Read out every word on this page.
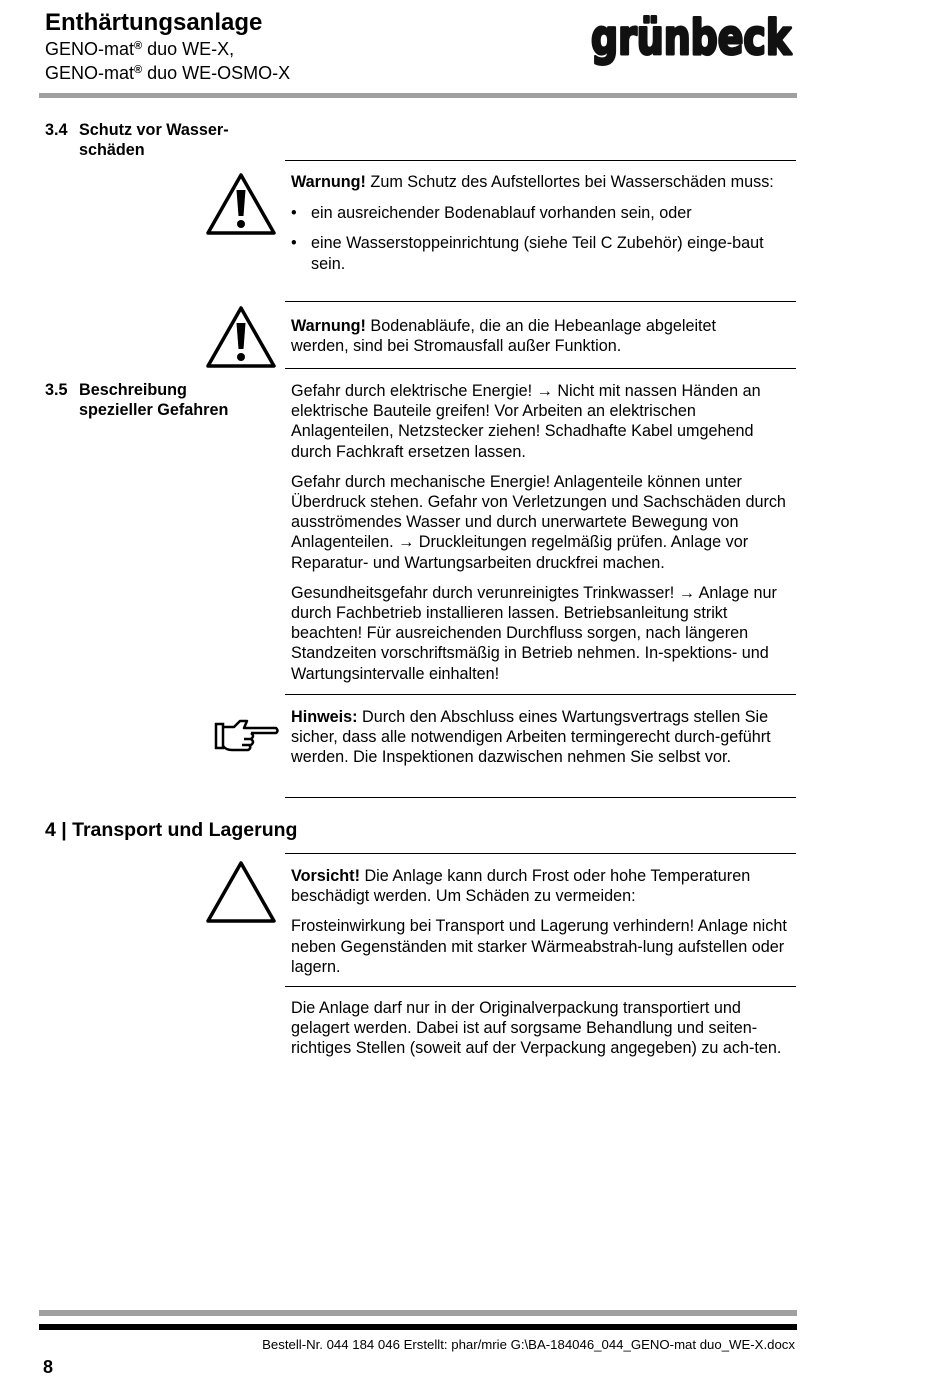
Enthärtungsanlage
GENO-mat® duo WE-X,
GENO-mat® duo WE-OSMO-X
grünbeck
3.4 Schutz vor Wasser-
schäden

Warnung! Zum Schutz des Aufstellortes bei Wasserschäden muss:

• ein ausreichender Bodenablauf vorhanden sein, oder
• eine Wasserstoppeinrichtung (siehe Teil C Zubehör) einge-baut sein.

Warnung! Bodenabläufe, die an die Hebeanlage abgeleitet werden, sind bei Stromausfall außer Funktion.

3.5 Beschreibung
spezieller Gefahren

Gefahr durch elektrische Energie! → Nicht mit nassen Händen an elektrische Bauteile greifen! Vor Arbeiten an elektrischen Anlagenteilen, Netzstecker ziehen! Schadhafte Kabel umgehend durch Fachkraft ersetzen lassen.

Gefahr durch mechanische Energie! Anlagenteile können unter Überdruck stehen. Gefahr von Verletzungen und Sachschäden durch ausströmendes Wasser und durch unerwartete Bewegung von Anlagenteilen. → Druckleitungen regelmäßig prüfen. Anlage vor Reparatur- und Wartungsarbeiten druckfrei machen.

Gesundheitsgefahr durch verunreinigtes Trinkwasser! → Anlage nur durch Fachbetrieb installieren lassen. Betriebsanleitung strikt beachten! Für ausreichenden Durchfluss sorgen, nach längeren Standzeiten vorschriftsmäßig in Betrieb nehmen. In-spektions- und Wartungsintervalle einhalten!

Hinweis: Durch den Abschluss eines Wartungsvertrags stellen Sie sicher, dass alle notwendigen Arbeiten termingerecht durch-geführt werden. Die Inspektionen dazwischen nehmen Sie selbst vor.

4 | Transport und Lagerung

Vorsicht! Die Anlage kann durch Frost oder hohe Temperaturen beschädigt werden. Um Schäden zu vermeiden:

Frosteinwirkung bei Transport und Lagerung verhindern! Anlage nicht neben Gegenständen mit starker Wärmeabstrah-lung aufstellen oder lagern.

Die Anlage darf nur in der Originalverpackung transportiert und gelagert werden. Dabei ist auf sorgsame Behandlung und seiten-richtiges Stellen (soweit auf der Verpackung angegeben) zu ach-ten.
Bestell-Nr. 044 184 046 Erstellt: phar/mrie G:\BA-184046_044_GENO-mat duo_WE-X.docx
8
